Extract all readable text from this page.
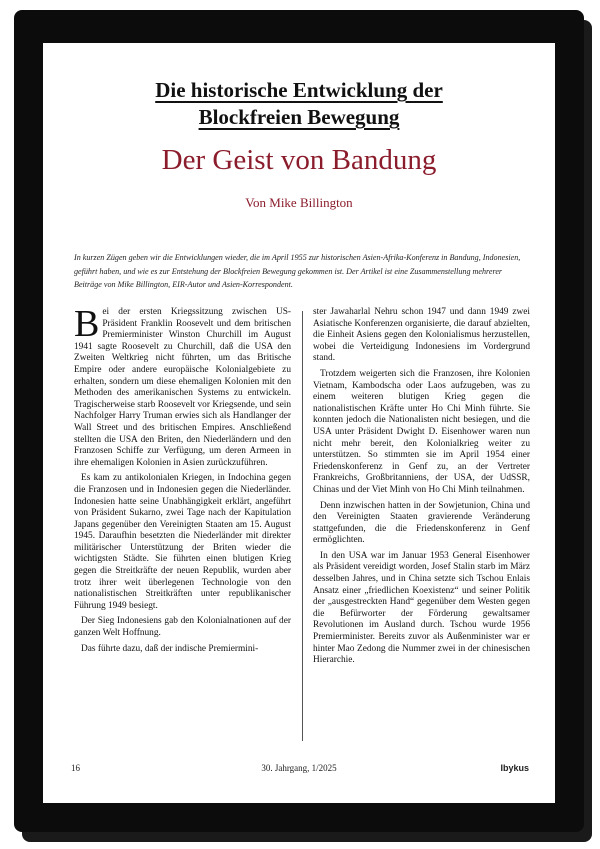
Die historische Entwicklung der
Blockfreien Bewegung
Der Geist von Bandung
Von Mike Billington

In kurzen Zügen geben wir die Entwicklungen wieder, die im April 1955 zur historischen Asien-Afrika-Konferenz in Bandung, Indonesien, geführt haben, und wie es zur Entstehung der Blockfreien Bewegung gekommen ist. Der Artikel ist eine Zusammenstellung mehrerer Beiträge von Mike Billington, EIR-Autor und Asien-Korrespondent.

Bei der ersten Kriegssitzung zwischen US-Präsident Franklin Roosevelt und dem britischen Premierminister Winston Churchill im August 1941 sagte Roosevelt zu Churchill, daß die USA den Zweiten Weltkrieg nicht führten, um das Britische Empire oder andere europäische Kolonialgebiete zu erhalten, sondern um diese ehemaligen Kolonien mit den Methoden des amerikanischen Systems zu entwickeln. Tragischerweise starb Roosevelt vor Kriegsende, und sein Nachfolger Harry Truman erwies sich als Handlanger der Wall Street und des britischen Empires. Anschließend stellten die USA den Briten, den Niederländern und den Franzosen Schiffe zur Verfügung, um deren Armeen in ihre ehemaligen Kolonien in Asien zurückzuführen.

Es kam zu antikolonialen Kriegen, in Indochina gegen die Franzosen und in Indonesien gegen die Niederländer. Indonesien hatte seine Unabhängigkeit erklärt, angeführt von Präsident Sukarno, zwei Tage nach der Kapitulation Japans gegenüber den Vereinigten Staaten am 15. August 1945. Daraufhin besetzten die Niederländer mit direkter militärischer Unterstützung der Briten wieder die wichtigsten Städte. Sie führten einen blutigen Krieg gegen die Streitkräfte der neuen Republik, wurden aber trotz ihrer weit überlegenen Technologie von den nationalistischen Streitkräften unter republikanischer Führung 1949 besiegt.

Der Sieg Indonesiens gab den Kolonialnationen auf der ganzen Welt Hoffnung.

Das führte dazu, daß der indische Premiermini-

ster Jawaharlal Nehru schon 1947 und dann 1949 zwei Asiatische Konferenzen organisierte, die darauf abzielten, die Einheit Asiens gegen den Kolonialismus herzustellen, wobei die Verteidigung Indonesiens im Vordergrund stand.

Trotzdem weigerten sich die Franzosen, ihre Kolonien Vietnam, Kambodscha oder Laos aufzugeben, was zu einem weiteren blutigen Krieg gegen die nationalistischen Kräfte unter Ho Chi Minh führte. Sie konnten jedoch die Nationalisten nicht besiegen, und die USA unter Präsident Dwight D. Eisenhower waren nun nicht mehr bereit, den Kolonialkrieg weiter zu unterstützen. So stimmten sie im April 1954 einer Friedenskonferenz in Genf zu, an der Vertreter Frankreichs, Großbritanniens, der USA, der UdSSR, Chinas und der Viet Minh von Ho Chi Minh teilnahmen.

Denn inzwischen hatten in der Sowjetunion, China und den Vereinigten Staaten gravierende Veränderung stattgefunden, die die Friedenskonferenz in Genf ermöglichten.

In den USA war im Januar 1953 General Eisenhower als Präsident vereidigt worden, Josef Stalin starb im März desselben Jahres, und in China setzte sich Tschou Enlais Ansatz einer „friedlichen Koexistenz“ und seiner Politik der „ausgestreckten Hand“ gegenüber dem Westen gegen die Befürworter der Förderung gewaltsamer Revolutionen im Ausland durch. Tschou wurde 1956 Premierminister. Bereits zuvor als Außenminister war er hinter Mao Zedong die Nummer zwei in der chinesischen Hierarchie.

30. Jahrgang, 1/2025
16	Ibykus
